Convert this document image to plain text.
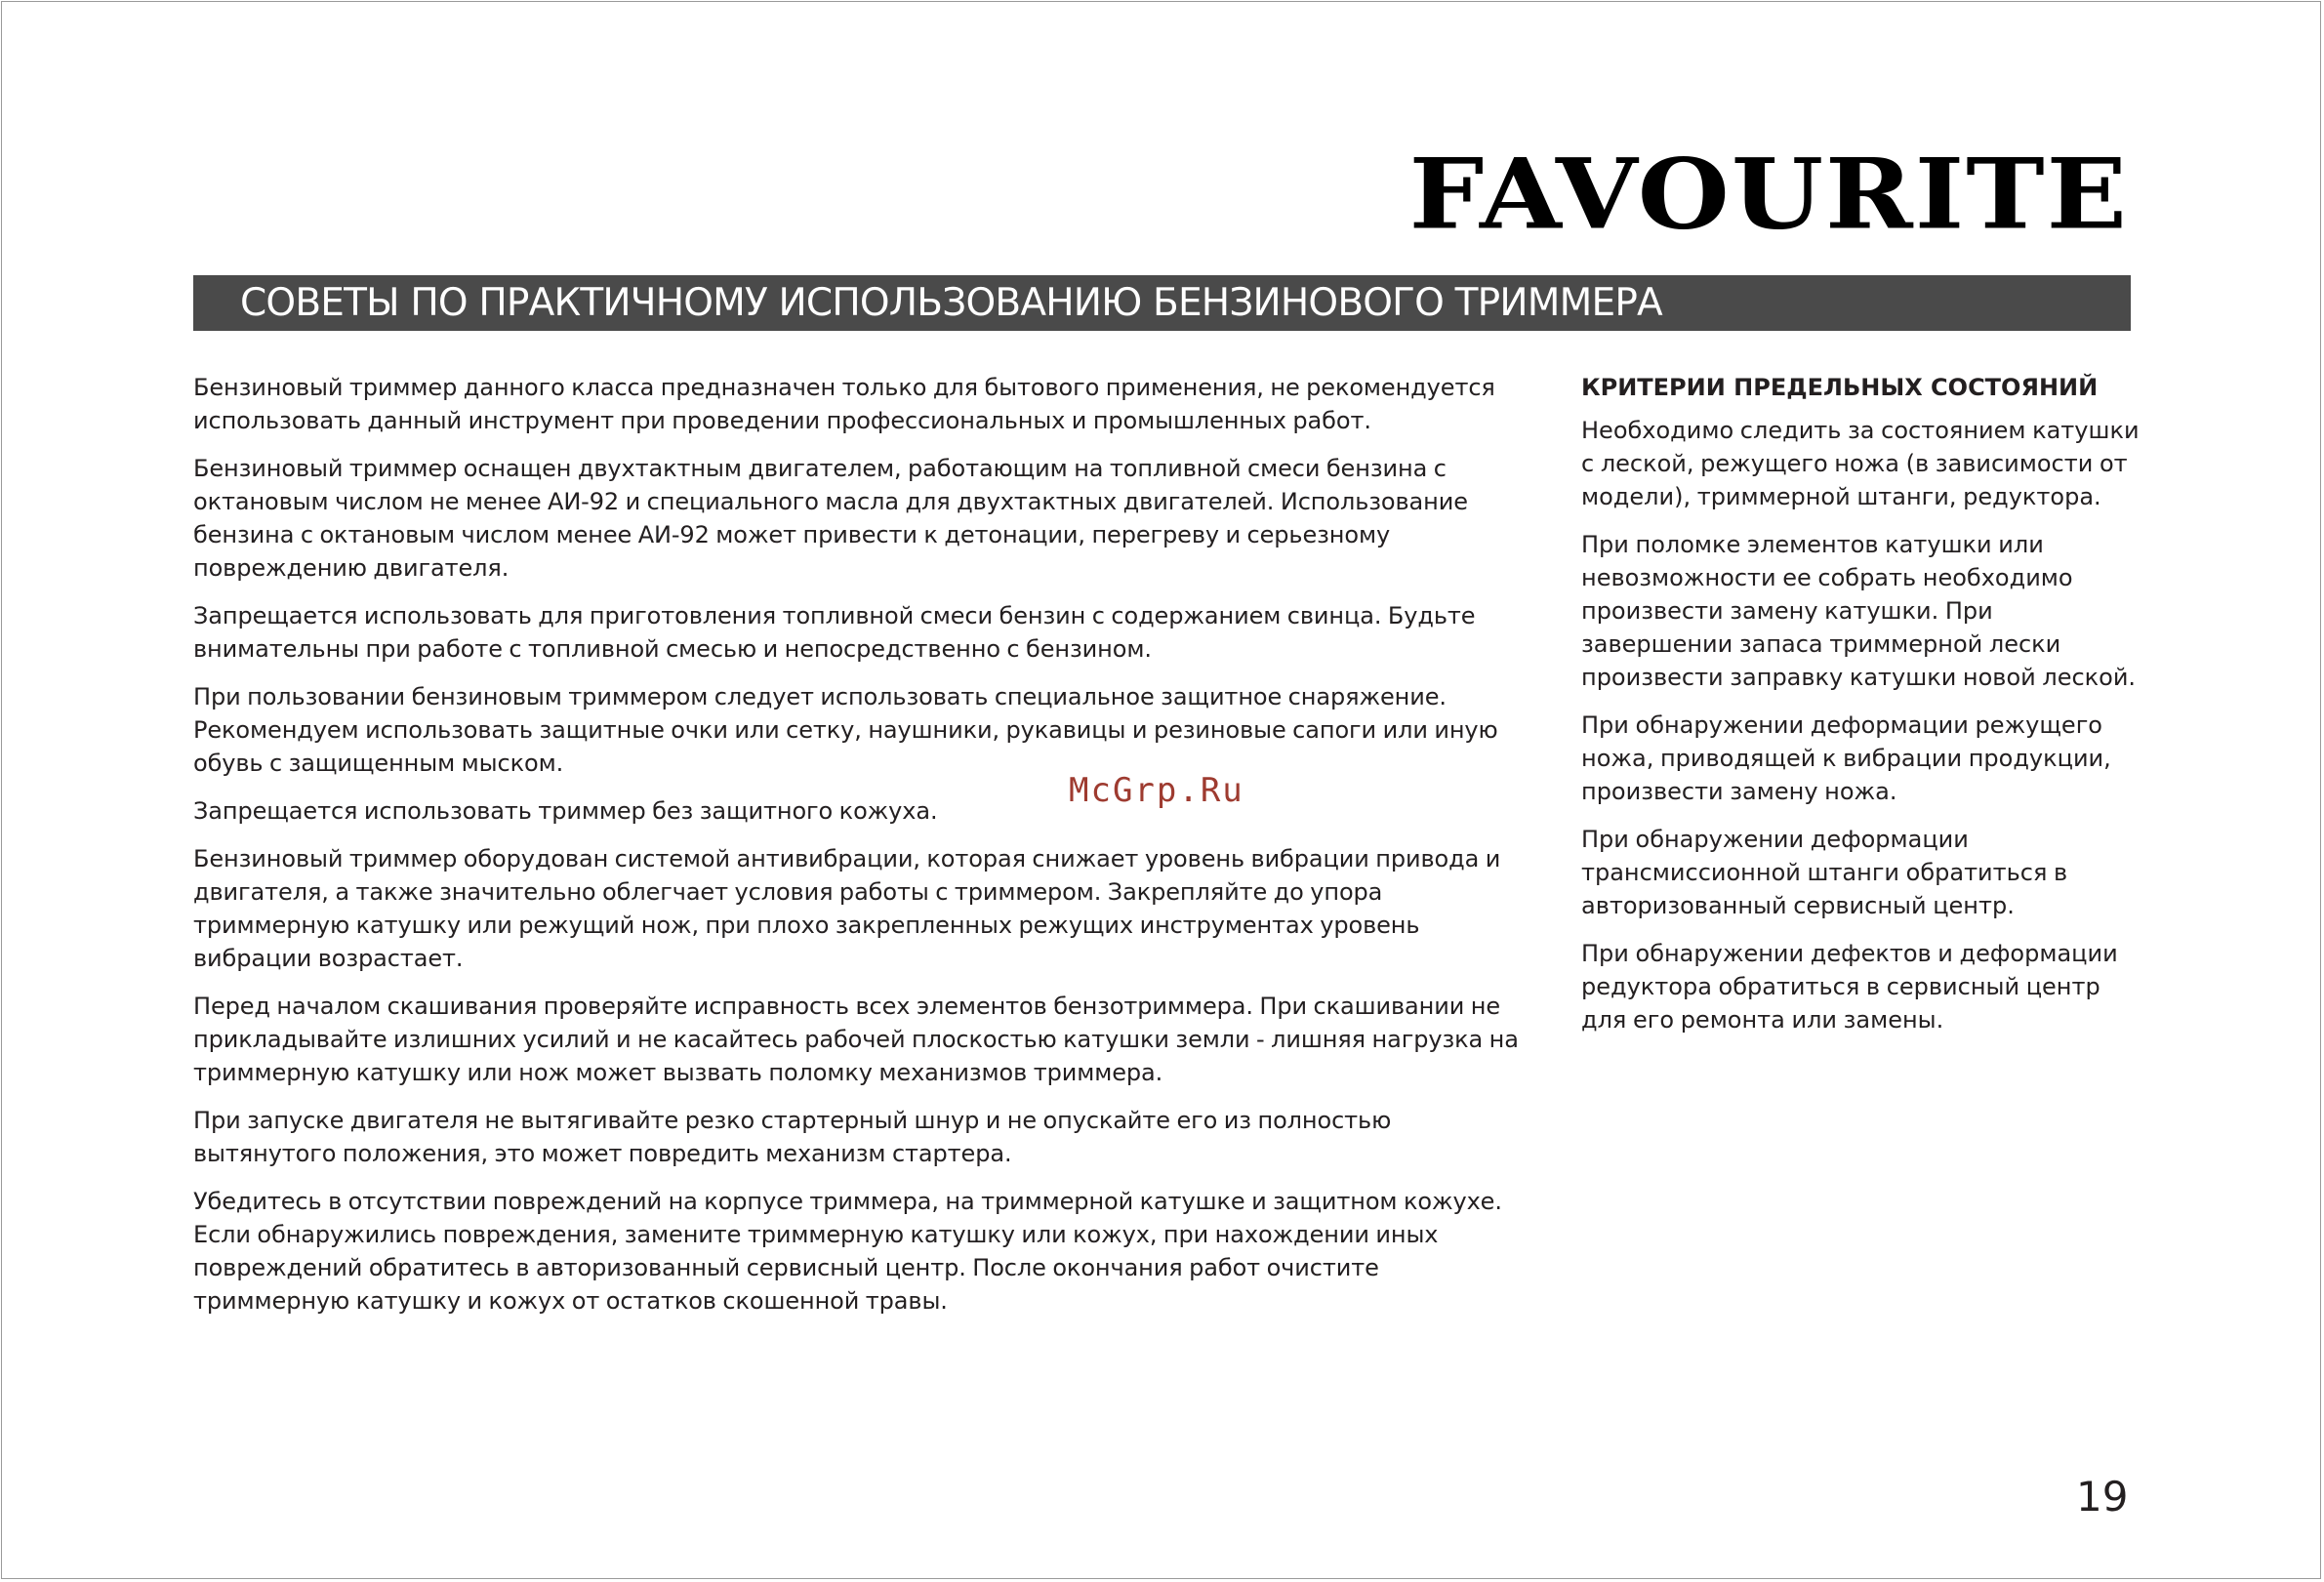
FAVOURITE
СОВЕТЫ ПО ПРАКТИЧНОМУ ИСПОЛЬЗОВАНИЮ БЕНЗИНОВОГО ТРИММЕРА

Бензиновый триммер данного класса предназначен только для бытового применения, не рекомендуется использовать данный инструмент при проведении профессиональных и промышленных работ.

Бензиновый триммер оснащен двухтактным двигателем, работающим на топливной смеси бензина с октановым числом не менее АИ-92 и специального масла для двухтактных двигателей. Использование бензина с октановым числом менее АИ-92 может привести к детонации, перегреву и серьезному повреждению двигателя.

Запрещается использовать для приготовления топливной смеси бензин с содержанием свинца. Будьте внимательны при работе с топливной смесью и непосредственно с бензином.

При пользовании бензиновым триммером следует использовать специальное защитное снаряжение. Рекомендуем использовать защитные очки или сетку, наушники, рукавицы и резиновые сапоги или иную обувь с защищенным мыском.

Запрещается использовать триммер без защитного кожуха.

Бензиновый триммер оборудован системой антивибрации, которая снижает уровень вибрации привода и двигателя, а также значительно облегчает условия работы с триммером. Закрепляйте до упора триммерную катушку или режущий нож, при плохо закрепленных режущих инструментах уровень вибрации возрастает.

Перед началом скашивания проверяйте исправность всех элементов бензотриммера. При скашивании не прикладывайте излишних усилий и не касайтесь рабочей плоскостью катушки земли - лишняя нагрузка на триммерную катушку или нож может вызвать поломку механизмов триммера.

При запуске двигателя не вытягивайте резко стартерный шнур и не опускайте его из полностью вытянутого положения, это может повредить механизм стартера.

Убедитесь в отсутствии повреждений на корпусе триммера, на триммерной катушке и защитном кожухе. Если обнаружились повреждения, замените триммерную катушку или кожух, при нахождении иных повреждений обратитесь в авторизованный сервисный центр. После окончания работ очистите триммерную катушку и кожух от остатков скошенной травы.

КРИТЕРИИ ПРЕДЕЛЬНЫХ СОСТОЯНИЙ

Необходимо следить за состоянием катушки с леской, режущего ножа (в зависимости от модели), триммерной штанги, редуктора.

При поломке элементов катушки или невозможности ее собрать необходимо произвести замену катушки. При завершении запаса триммерной лески произвести заправку катушки новой леской.

При обнаружении деформации режущего ножа, приводящей к вибрации продукции, произвести замену ножа.

При обнаружении деформации трансмиссионной штанги обратиться в авторизованный сервисный центр.

При обнаружении дефектов и деформации редуктора обратиться в сервисный центр для его ремонта или замены.

McGrp.Ru
19
